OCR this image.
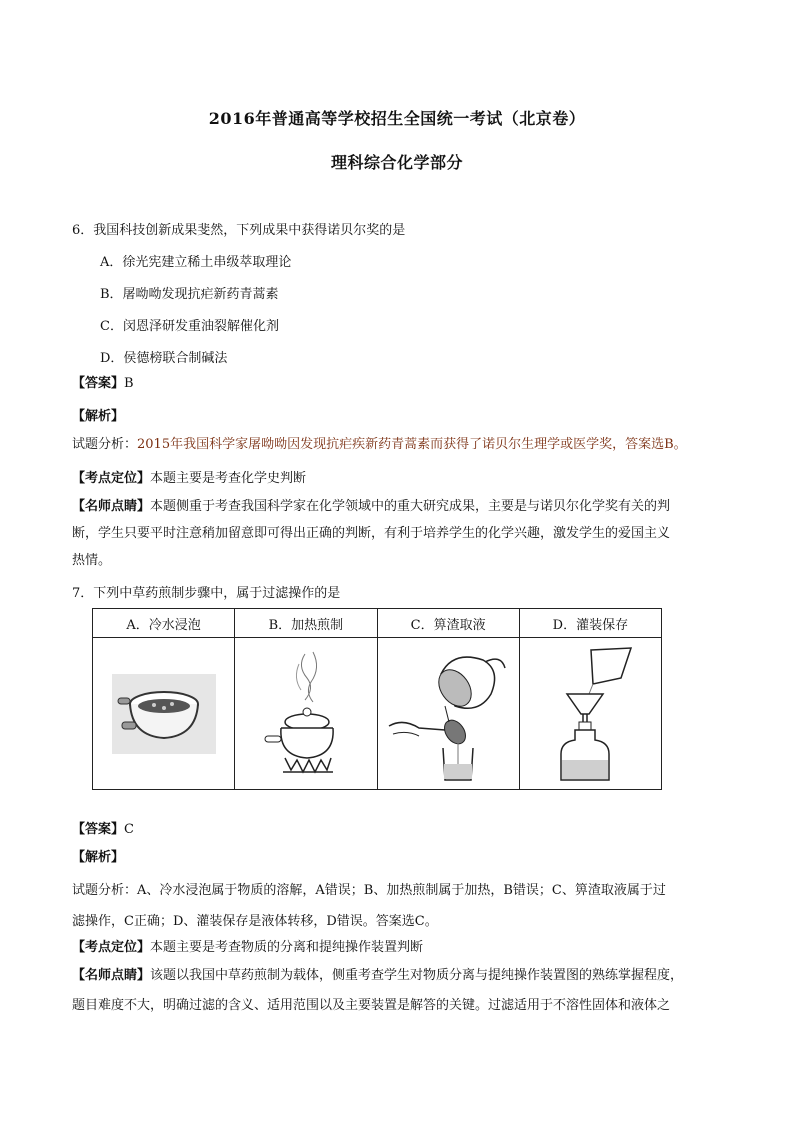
2016年普通高等学校招生全国统一考试（北京卷）
理科综合化学部分
6．我国科技创新成果斐然，下列成果中获得诺贝尔奖的是
A．徐光宪建立稀土串级萃取理论
B．屠呦呦发现抗疟新药青蒿素
C．闵恩泽研发重油裂解催化剂
D．侯德榜联合制碱法
【答案】B
【解析】
试题分析：2015年我国科学家屠呦呦因发现抗疟疾新药青蒿素而获得了诺贝尔生理学或医学奖，答案选B。
【考点定位】本题主要是考查化学史判断
【名师点睛】本题侧重于考查我国科学家在化学领域中的重大研究成果，主要是与诺贝尔化学奖有关的判
断，学生只要平时注意稍加留意即可得出正确的判断，有利于培养学生的化学兴趣，激发学生的爱国主义
热情。
7．下列中草药煎制步骤中，属于过滤操作的是
A．冷水浸泡	B．加热煎制	C．箅渣取液	D．灌装保存

【答案】C
【解析】
试题分析：A、冷水浸泡属于物质的溶解，A错误；B、加热煎制属于加热，B错误；C、箅渣取液属于过
滤操作，C正确；D、灌装保存是液体转移，D错误。答案选C。
【考点定位】本题主要是考查物质的分离和提纯操作装置判断
【名师点睛】该题以我国中草药煎制为载体，侧重考查学生对物质分离与提纯操作装置图的熟练掌握程度，
题目难度不大，明确过滤的含义、适用范围以及主要装置是解答的关键。过滤适用于不溶性固体和液体之
